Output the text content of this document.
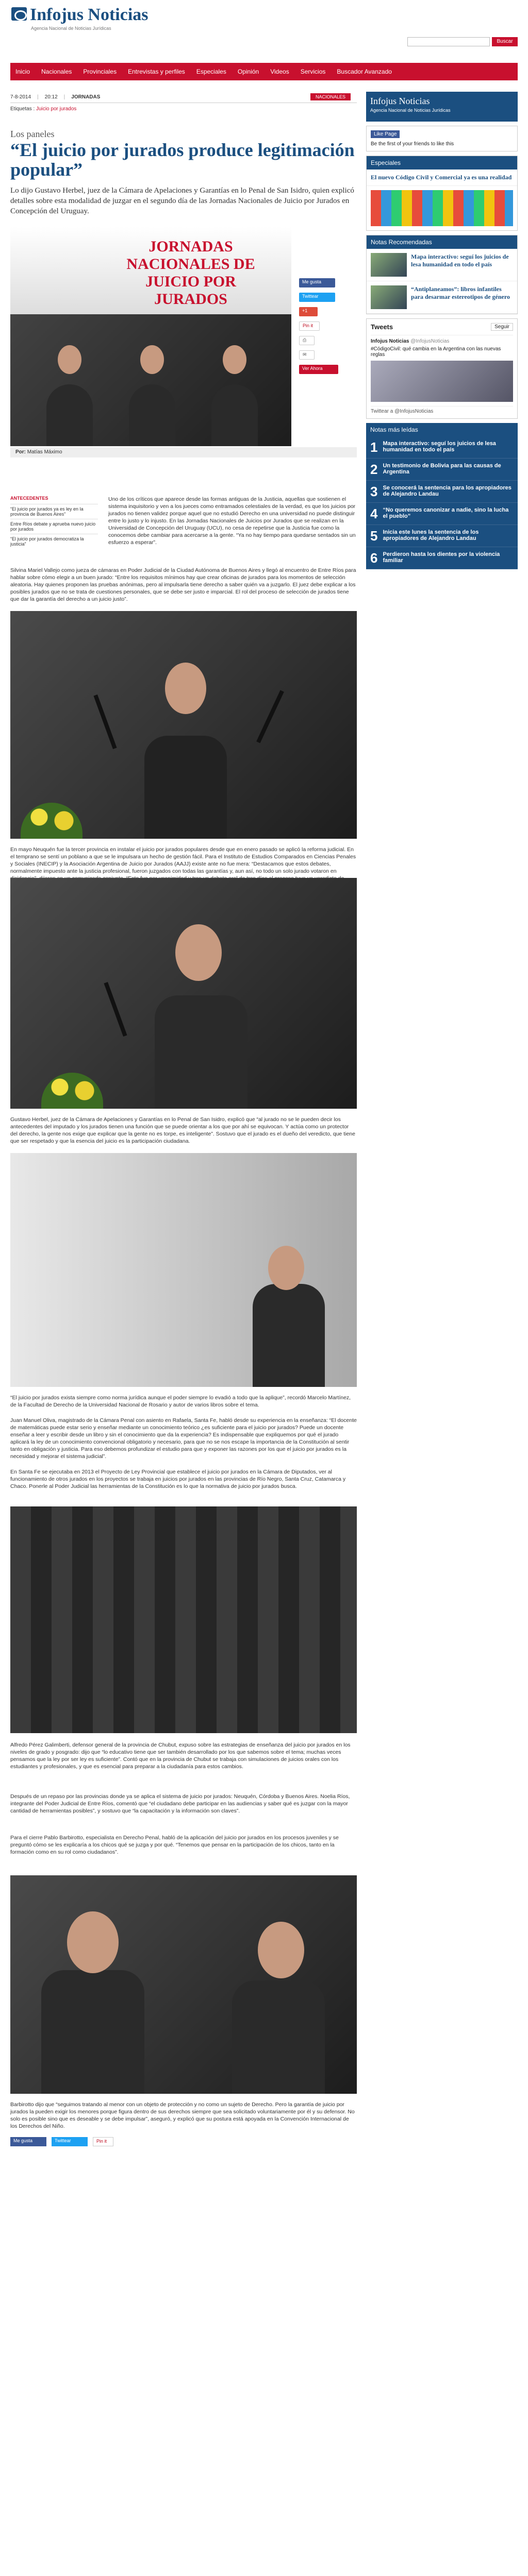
Infojus Noticias
Agencia Nacional de Noticias Jurídicas
Buscar
Inicio Nacionales Provinciales Entrevistas y perfiles Especiales Opinión Videos Servicios Buscador Avanzado
7-8-2014 | 20:12 | JORNADAS	NACIONALES
Etiquetas : Juicio por jurados
Los paneles
“El juicio por jurados produce legitimación popular”
Lo dijo Gustavo Herbel, juez de la Cámara de Apelaciones y Garantías en lo Penal de San Isidro, quien explicó detalles sobre esta modalidad de juzgar en el segundo día de las Jornadas Nacionales de Juicio por Jurados en Concepción del Uruguay.
JORNADAS NACIONALES DE JUICIO POR JURADOS
Me gusta
Twittear
+1
Pin it
⎙
✉
Ver Ahora
Por: Matías Máximo
ANTECEDENTES
“El juicio por jurados ya es ley en la provincia de Buenos Aires”
Entre Ríos debate y aprueba nuevo juicio por jurados
“El juicio por jurados democratiza la justicia”
Uno de los críticos que aparece desde las formas antiguas de la Justicia, aquellas que sostienen el sistema inquisitorio y ven a los jueces como entramados celestiales de la verdad, es que los juicios por jurados no tienen validez porque aquel que no estudió Derecho en una universidad no puede distinguir entre lo justo y lo injusto. En las Jornadas Nacionales de Juicios por Jurados que se realizan en la Universidad de Concepción del Uruguay (UCU), no cesa de repetirse que la Justicia fue como la conocemos debe cambiar para acercarse a la gente. “Ya no hay tiempo para quedarse sentados sin un esfuerzo a esperar”.
Silvina Mariel Vallejo como jueza de cámaras en Poder Judicial de la Ciudad Autónoma de Buenos Aires y llegó al encuentro de Entre Ríos para hablar sobre cómo elegir a un buen jurado: “Entre los requisitos mínimos hay que crear oficinas de jurados para los momentos de selección aleatoria. Hay quienes proponen las pruebas anónimas, pero al impulsarla tiene derecho a saber quién va a juzgarlo. El juez debe explicar a los posibles jurados que no se trata de cuestiones personales, que se debe ser justo e imparcial. El rol del proceso de selección de jurados tiene que dar la garantía del derecho a un juicio justo”.
En mayo Neuquén fue la tercer provincia en instalar el juicio por jurados populares desde que en enero pasado se aplicó la reforma judicial. En el temprano se sentí un poblano a que se le impulsara un hecho de gestión fácil. Para el Instituto de Estudios Comparados en Ciencias Penales y Sociales (INECIP) y la Asociación Argentina de Juicio por Jurados (AAJJ) existe ante no fue mera: “Destacamos que estos debates, normalmente impuesto ante la justicia profesional, fueron juzgados con todas las garantías y, aun así, no todo un solo jurado votaron en
Gustavo Herbel, juez de la Cámara de Apelaciones y Garantías en lo Penal de San Isidro, explicó que “al jurado no se le pueden decir los antecedentes del imputado y los jurados tienen una función que se puede orientar a los que por ahí se equivocan. Y actúa como un protector del derecho, la gente nos exige que explicar que la gente no es torpe, es inteligente”. Sostuvo que el jurado es el dueño del veredicto, que tiene que ser respetado y que la esencia del juicio es la participación ciudadana.
“El juicio por jurados exista siempre como norma jurídica aunque el poder siempre lo evadió a todo que la aplique”, recordó Marcelo Martínez, de la Facultad de Derecho de la Universidad Nacional de Rosario y autor de varios libros sobre el tema.
Juan Manuel Oliva, magistrado de la Cámara Penal con asiento en Rafaela, Santa Fe, habló desde su experiencia en la enseñanza: “El docente de matemáticas puede estar serio y enseñar mediante un conocimiento teórico ¿es suficiente para el juicio por jurados? Puede un docente enseñar a leer y escribir desde un libro y sin el conocimiento que da la experiencia? Es indispensable que expliquemos por qué el jurado aplicará la ley de un conocimiento convencional obligatorio y necesario, para que no se nos escape la importancia de la Constitución al sentir tanto en obligación y justicia. Para eso debemos profundizar el estudio para que y exponer las razones por los que el juicio por jurados es la necesidad y mejorar el sistema judicial”.
En Santa Fe se ejecutaba en 2013 el Proyecto de Ley Provincial que establece el juicio por jurados en la Cámara de Diputados, ver al funcionamiento de otros jurados en los proyectos se trabaja en juicios por jurados en las provincias de Río Negro, Santa Cruz, Catamarca y Chaco. Ponerle al Poder Judicial las herramientas de la Constitución es lo que la normativa de juicio por jurados busca.
Alfredo Pérez Galimberti, defensor general de la provincia de Chubut, expuso sobre las estrategias de enseñanza del juicio por jurados en los niveles de grado y posgrado: dijo que “lo educativo tiene que ser también desarrollado por los que sabemos sobre el tema; muchas veces pensamos que la ley por ser ley es suficiente”. Contó que en la provincia de Chubut se trabaja con simulaciones de juicios orales con los estudiantes y profesionales, y que es esencial para preparar a la ciudadanía para estos cambios.
Después de un repaso por las provincias donde ya se aplica el sistema de juicio por jurados: Neuquén, Córdoba y Buenos Aires. Noelia Ríos, integrante del Poder Judicial de Entre Ríos, comentó que “el ciudadano debe participar en las audiencias y saber qué es juzgar con la mayor cantidad de herramientas posibles”, y sostuvo que “la capacitación y la información son claves”.
Para el cierre Pablo Barbirotto, especialista en Derecho Penal, habló de la aplicación del juicio por jurados en los procesos juveniles y se preguntó cómo se les explicaría a los chicos qué se juzga y por qué. “Tenemos que pensar en la participación de los chicos, tanto en la formación como en su rol como ciudadanos”.
Barbirotto dijo que “seguimos tratando al menor con un objeto de protección y no como un sujeto de Derecho. Pero la garantía de juicio por jurados la pueden exigir los menores porque figura dentro de sus derechos siempre que sea solicitado voluntariamente por él y su defensor. No solo es posible sino que es deseable y se debe impulsar”, aseguró, y explicó que su postura está apoyada en la Convención Internacional de los Derechos del Niño.
Me gusta	Twittear	Pin it
Infojus Noticias
Agencia Nacional de Noticias Jurídicas
Like Page
Be the first of your friends to like this
Especiales
El nuevo Código Civil y Comercial ya es una realidad
Notas Recomendadas
Mapa interactivo: seguí los juicios de lesa humanidad en todo el país
“Antiplaneamos”: libros infantiles para desarmar estereotipos de género
Tweets	Seguir
Infojus Noticias @InfojusNoticias
#CódigoCivil: qué cambia en la Argentina con las nuevas reglas
Twittear a @InfojusNoticias
Notas más leídas
1 Mapa interactivo: seguí los juicios de lesa humanidad en todo el país
2 Un testimonio de Bolivia para las causas de Argentina
3 Se conocerá la sentencia para los apropiadores de Alejandro Landau
4 “No queremos canonizar a nadie, sino la lucha el pueblo”
5 Inicia este lunes la sentencia de los apropiadores de Alejandro Landau
6 Perdieron hasta los dientes por la violencia familiar
